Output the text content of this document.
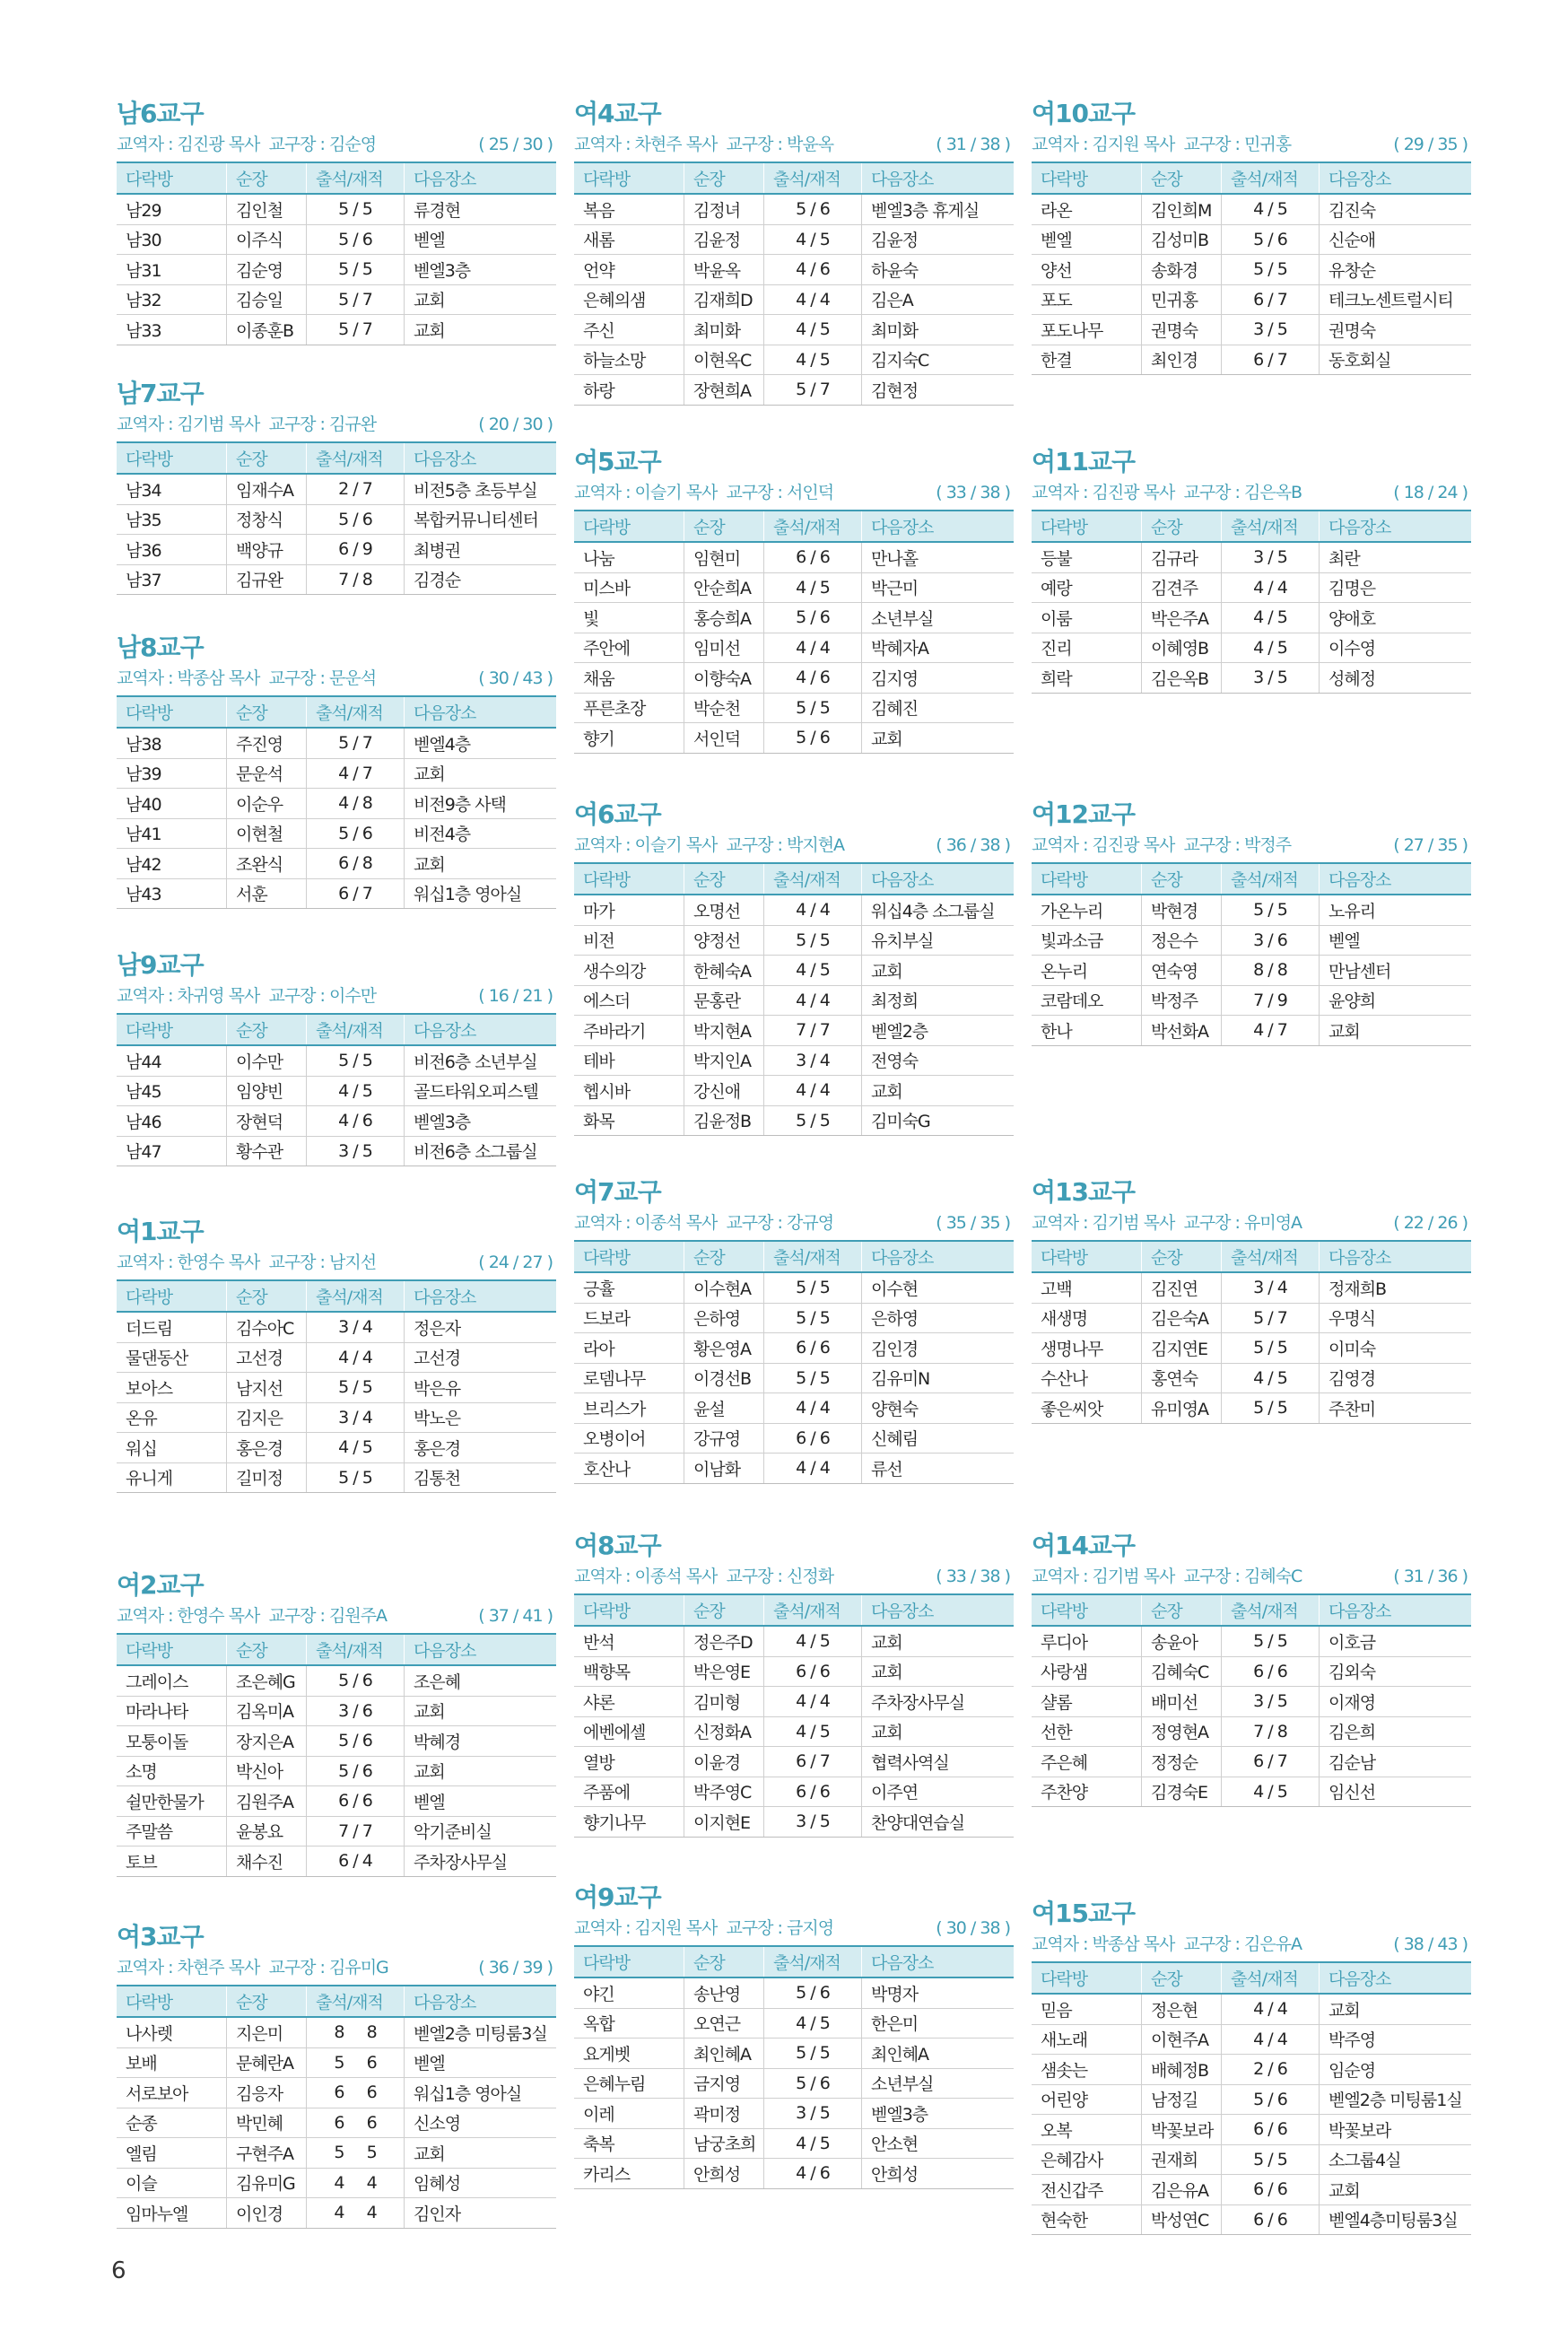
남6교구
교역자 : 김진광 목사 교구장 : 김순영	( 25 / 30 )
다락방	순장	출석/재적	다음장소
남29	김인철	5 / 5	류경현
남30	이주식	5 / 6	벧엘
남31	김순영	5 / 5	벧엘3층
남32	김승일	5 / 7	교회
남33	이종훈B	5 / 7	교회
남7교구
교역자 : 김기범 목사 교구장 : 김규완	( 20 / 30 )
다락방	순장	출석/재적	다음장소
남34	임재수A	2 / 7	비전5층 초등부실
남35	정창식	5 / 6	복합커뮤니티센터
남36	백양규	6 / 9	최병권
남37	김규완	7 / 8	김경순
남8교구
교역자 : 박종삼 목사 교구장 : 문운석	( 30 / 43 )
다락방	순장	출석/재적	다음장소
남38	주진영	5 / 7	벧엘4층
남39	문운석	4 / 7	교회
남40	이순우	4 / 8	비전9층 사택
남41	이현철	5 / 6	비전4층
남42	조완식	6 / 8	교회
남43	서훈	6 / 7	워십1층 영아실
남9교구
교역자 : 차귀영 목사 교구장 : 이수만	( 16 / 21 )
다락방	순장	출석/재적	다음장소
남44	이수만	5 / 5	비전6층 소년부실
남45	임양빈	4 / 5	골드타워오피스텔
남46	장현덕	4 / 6	벧엘3층
남47	황수관	3 / 5	비전6층 소그룹실
여1교구
교역자 : 한영수 목사 교구장 : 남지선	( 24 / 27 )
다락방	순장	출석/재적	다음장소
더드림	김수아C	3 / 4	정은자
물댄동산	고선경	4 / 4	고선경
보아스	남지선	5 / 5	박은유
온유	김지은	3 / 4	박노은
워십	홍은경	4 / 5	홍은경
유니게	길미정	5 / 5	김통천
여2교구
교역자 : 한영수 목사 교구장 : 김원주A	( 37 / 41 )
다락방	순장	출석/재적	다음장소
그레이스	조은혜G	5 / 6	조은혜
마라나타	김옥미A	3 / 6	교회
모퉁이돌	장지은A	5 / 6	박혜경
소명	박신아	5 / 6	교회
쉴만한물가	김원주A	6 / 6	벧엘
주말씀	윤봉요	7 / 7	악기준비실
토브	채수진	6 / 4	주차장사무실
여3교구
교역자 : 차현주 목사 교구장 : 김유미G	( 36 / 39 )
다락방	순장	출석/재적	다음장소
나사렛	지은미	8     8	벧엘2층 미팅룸3실
보배	문혜란A	5     6	벧엘
서로보아	김응자	6     6	워십1층 영아실
순종	박민혜	6     6	신소영
엘림	구현주A	5     5	교회
이슬	김유미G	4     4	임혜성
임마누엘	이인경	4     4	김인자
여4교구
교역자 : 차현주 목사 교구장 : 박윤옥	( 31 / 38 )
다락방	순장	출석/재적	다음장소
복음	김정녀	5 / 6	벧엘3층 휴게실
새롬	김윤정	4 / 5	김윤정
언약	박윤옥	4 / 6	하윤숙
은혜의샘	김재희D	4 / 4	김은A
주신	최미화	4 / 5	최미화
하늘소망	이현옥C	4 / 5	김지숙C
하랑	장현희A	5 / 7	김현정
여5교구
교역자 : 이슬기 목사 교구장 : 서인덕	( 33 / 38 )
다락방	순장	출석/재적	다음장소
나눔	임현미	6 / 6	만나홀
미스바	안순희A	4 / 5	박근미
빛	홍승희A	5 / 6	소년부실
주안에	임미선	4 / 4	박혜자A
채움	이향숙A	4 / 6	김지영
푸른초장	박순천	5 / 5	김혜진
향기	서인덕	5 / 6	교회
여6교구
교역자 : 이슬기 목사 교구장 : 박지현A	( 36 / 38 )
다락방	순장	출석/재적	다음장소
마가	오명선	4 / 4	워십4층 소그룹실
비전	양정선	5 / 5	유치부실
생수의강	한혜숙A	4 / 5	교회
에스더	문홍란	4 / 4	최정희
주바라기	박지현A	7 / 7	벧엘2층
테바	박지인A	3 / 4	전영숙
헵시바	강신애	4 / 4	교회
화목	김윤정B	5 / 5	김미숙G
여7교구
교역자 : 이종석 목사 교구장 : 강규영	( 35 / 35 )
다락방	순장	출석/재적	다음장소
긍휼	이수현A	5 / 5	이수현
드보라	은하영	5 / 5	은하영
라아	황은영A	6 / 6	김인경
로뎀나무	이경선B	5 / 5	김유미N
브리스가	윤설	4 / 4	양현숙
오병이어	강규영	6 / 6	신혜림
호산나	이남화	4 / 4	류선
여8교구
교역자 : 이종석 목사 교구장 : 신정화	( 33 / 38 )
다락방	순장	출석/재적	다음장소
반석	정은주D	4 / 5	교회
백향목	박은영E	6 / 6	교회
샤론	김미형	4 / 4	주차장사무실
에벤에셀	신정화A	4 / 5	교회
열방	이윤경	6 / 7	협력사역실
주품에	박주영C	6 / 6	이주연
향기나무	이지현E	3 / 5	찬양대연습실
여9교구
교역자 : 김지원 목사 교구장 : 금지영	( 30 / 38 )
다락방	순장	출석/재적	다음장소
야긴	송난영	5 / 6	박명자
옥합	오연근	4 / 5	한은미
요게벳	최인혜A	5 / 5	최인혜A
은혜누림	금지영	5 / 6	소년부실
이레	곽미정	3 / 5	벧엘3층
축복	남궁초희	4 / 5	안소현
카리스	안희성	4 / 6	안희성
여10교구
교역자 : 김지원 목사 교구장 : 민귀홍	( 29 / 35 )
다락방	순장	출석/재적	다음장소
라온	김인희M	4 / 5	김진숙
벧엘	김성미B	5 / 6	신순애
양선	송화경	5 / 5	유창순
포도	민귀홍	6 / 7	테크노센트럴시티
포도나무	권명숙	3 / 5	권명숙
한결	최인경	6 / 7	동호회실
여11교구
교역자 : 김진광 목사 교구장 : 김은옥B	( 18 / 24 )
다락방	순장	출석/재적	다음장소
등불	김규라	3 / 5	최란
예랑	김견주	4 / 4	김명은
이룸	박은주A	4 / 5	양애호
진리	이혜영B	4 / 5	이수영
희락	김은옥B	3 / 5	성혜정
여12교구
교역자 : 김진광 목사 교구장 : 박정주	( 27 / 35 )
다락방	순장	출석/재적	다음장소
가온누리	박현경	5 / 5	노유리
빛과소금	정은수	3 / 6	벧엘
온누리	연숙영	8 / 8	만남센터
코람데오	박정주	7 / 9	윤양희
한나	박선화A	4 / 7	교회
여13교구
교역자 : 김기범 목사 교구장 : 유미영A	( 22 / 26 )
다락방	순장	출석/재적	다음장소
고백	김진연	3 / 4	정재희B
새생명	김은숙A	5 / 7	우명식
생명나무	김지연E	5 / 5	이미숙
수산나	홍연숙	4 / 5	김영경
좋은씨앗	유미영A	5 / 5	주찬미
여14교구
교역자 : 김기범 목사 교구장 : 김혜숙C	( 31 / 36 )
다락방	순장	출석/재적	다음장소
루디아	송윤아	5 / 5	이호금
사랑샘	김혜숙C	6 / 6	김외숙
샬롬	배미선	3 / 5	이재영
선한	정영현A	7 / 8	김은희
주은혜	정정순	6 / 7	김순남
주찬양	김경숙E	4 / 5	임신선
여15교구
교역자 : 박종삼 목사 교구장 : 김은유A	( 38 / 43 )
다락방	순장	출석/재적	다음장소
믿음	정은현	4 / 4	교회
새노래	이현주A	4 / 4	박주영
샘솟는	배혜정B	2 / 6	임순영
어린양	남정길	5 / 6	벧엘2층 미팅룸1실
오복	박꽃보라	6 / 6	박꽃보라
은혜감사	권재희	5 / 5	소그룹4실
전신갑주	김은유A	6 / 6	교회
현숙한	박성연C	6 / 6	벧엘4층미팅룸3실
6
